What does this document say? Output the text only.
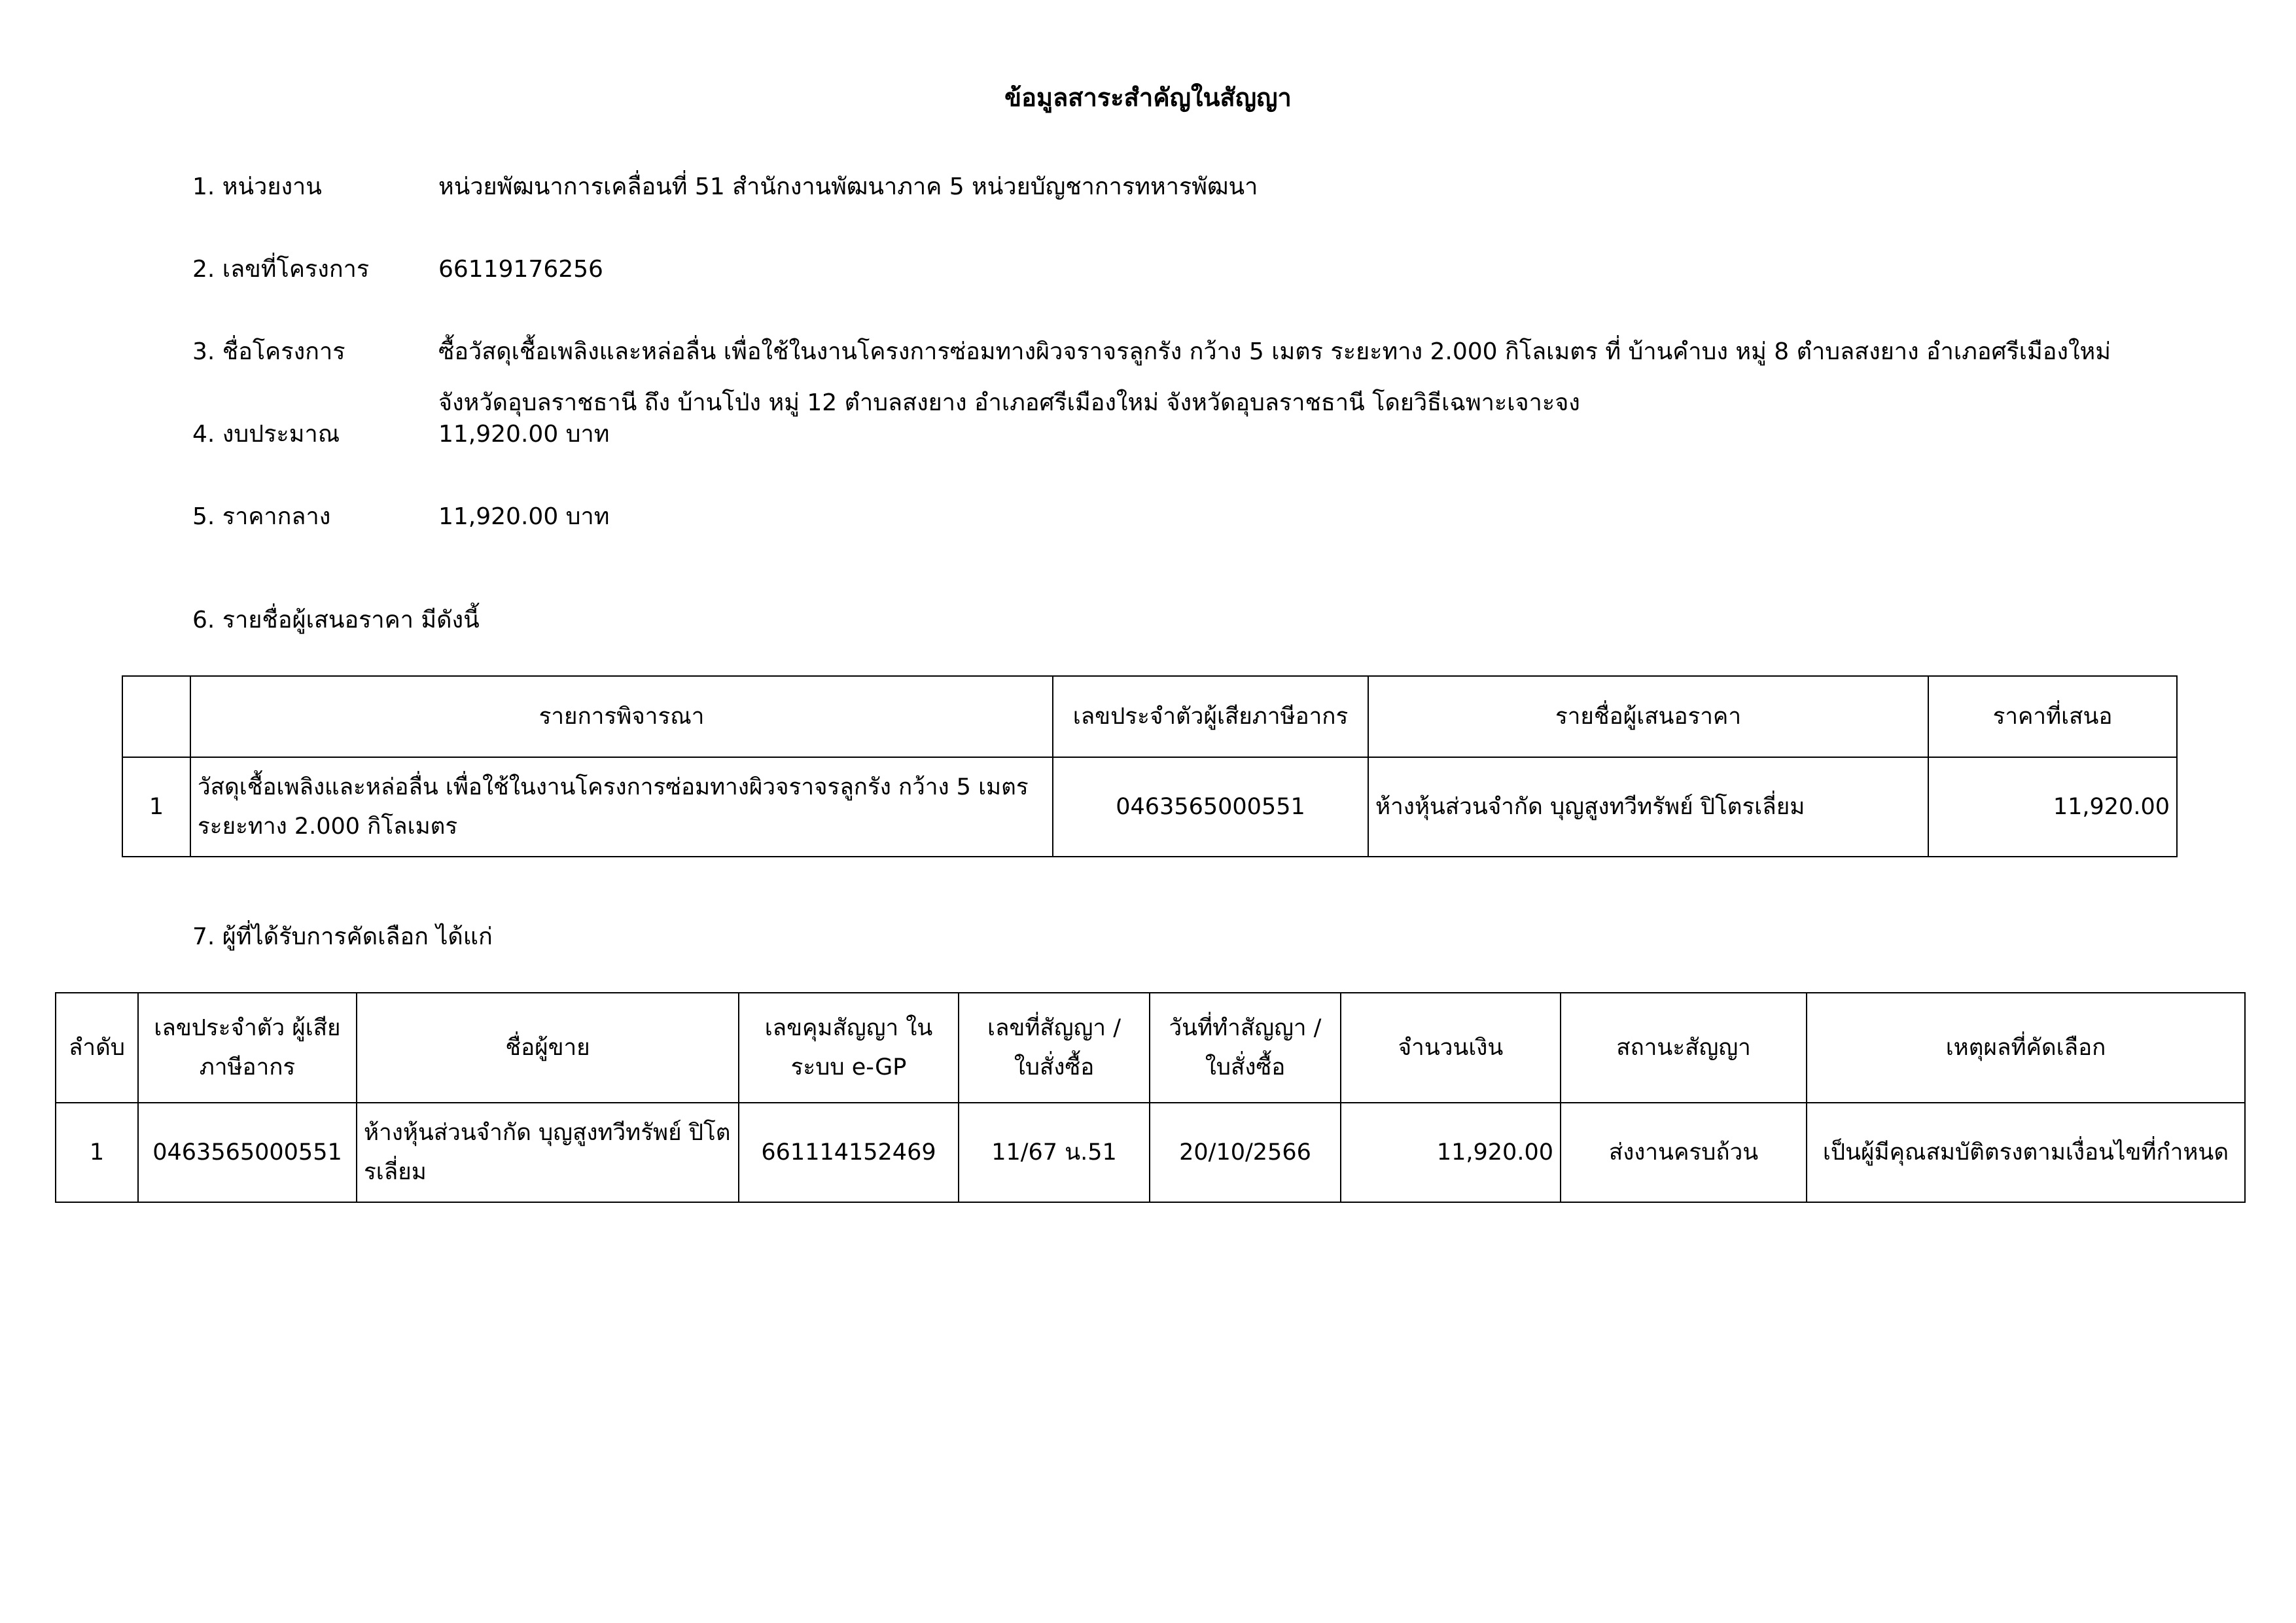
ข้อมูลสาระสำคัญในสัญญา
1. หน่วยงาน	หน่วยพัฒนาการเคลื่อนที่ 51 สำนักงานพัฒนาภาค 5 หน่วยบัญชาการทหารพัฒนา
2. เลขที่โครงการ	66119176256
3. ชื่อโครงการ	ซื้อวัสดุเชื้อเพลิงและหล่อลื่น เพื่อใช้ในงานโครงการซ่อมทางผิวจราจรลูกรัง กว้าง 5 เมตร ระยะทาง 2.000 กิโลเมตร ที่ บ้านคำบง หมู่ 8 ตำบลสงยาง อำเภอศรีเมืองใหม่
จังหวัดอุบลราชธานี ถึง บ้านโป่ง หมู่ 12 ตำบลสงยาง อำเภอศรีเมืองใหม่ จังหวัดอุบลราชธานี โดยวิธีเฉพาะเจาะจง
4. งบประมาณ	11,920.00 บาท
5. ราคากลาง	11,920.00 บาท
6. รายชื่อผู้เสนอราคา มีดังนี้
	รายการพิจารณา	เลขประจำตัวผู้เสียภาษีอากร	รายชื่อผู้เสนอราคา	ราคาที่เสนอ
1	วัสดุเชื้อเพลิงและหล่อลื่น เพื่อใช้ในงานโครงการซ่อมทางผิวจราจรลูกรัง กว้าง 5 เมตร ระยะทาง 2.000 กิโลเมตร	0463565000551	ห้างหุ้นส่วนจำกัด บุญสูงทวีทรัพย์ ปิโตรเลี่ยม	11,920.00
7. ผู้ที่ได้รับการคัดเลือก ได้แก่
ลำดับ	เลขประจำตัว ผู้เสียภาษีอากร	ชื่อผู้ขาย	เลขคุมสัญญา ในระบบ e-GP	เลขที่สัญญา / ใบสั่งซื้อ	วันที่ทำสัญญา / ใบสั่งซื้อ	จำนวนเงิน	สถานะสัญญา	เหตุผลที่คัดเลือก
1	0463565000551	ห้างหุ้นส่วนจำกัด บุญสูงทวีทรัพย์ ปิโตรเลี่ยม	661114152469	11/67 น.51	20/10/2566	11,920.00	ส่งงานครบถ้วน	เป็นผู้มีคุณสมบัติตรงตามเงื่อนไขที่กำหนด
